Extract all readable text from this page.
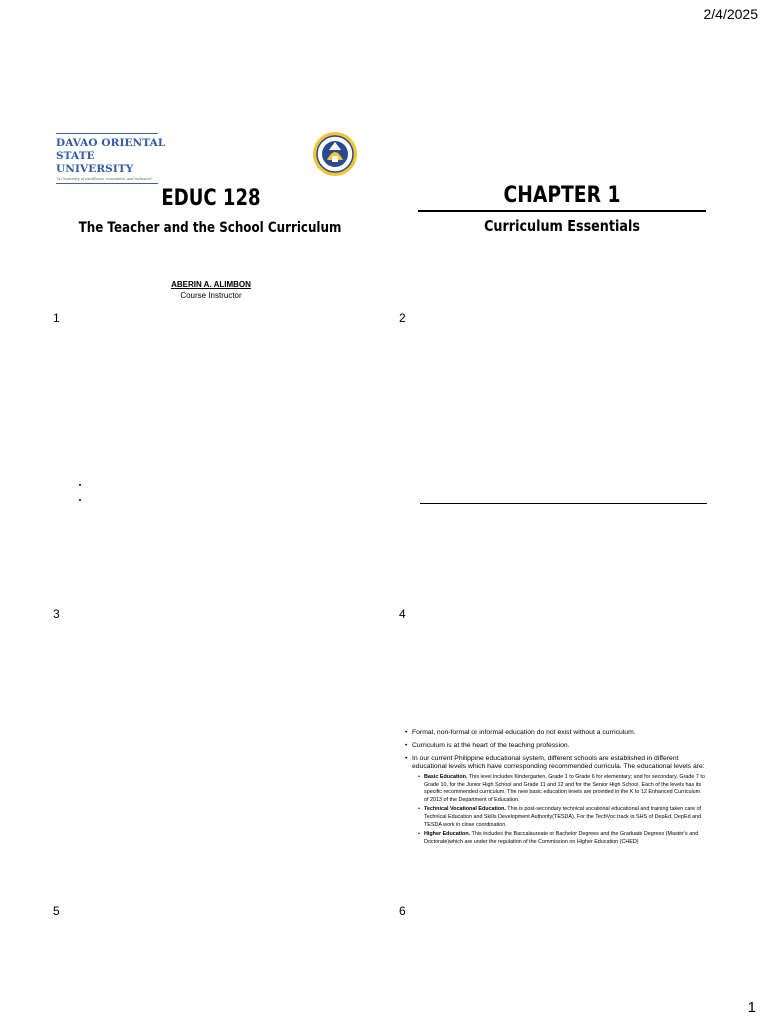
2/4/2025
DAVAO ORIENTAL
STATE UNIVERSITY
"A University of excellence, innovation, and inclusion"
EDUC 128
The Teacher and the School Curriculum
ABERIN A. ALIMBON
Course Instructor
1
CHAPTER 1
Curriculum Essentials
2
3	4
5
• Formal, non-formal or informal education do not exist without a curriculum.
• Curriculum is at the heart of the teaching profession.
• In our current Philippine educational system, different schools are established in different educational levels which have corresponding recommended curricula. The educational levels are:
• Basic Education. This level includes Kindergarten, Grade 1 to Grade 6 for elementary; and for secondary, Grade 7 to Grade 10, for the Junior High School and Grade 11 and 12 and for the Senior High School. Each of the levels has its specific recommended curriculum. The new basic education levels are provided in the K to 12 Enhanced Curriculum of 2013 of the Department of Education.
• Technical Vocational Education. This is post-secondary technical vocational educational and training taken care of Technical Education and Skills Development Authority(TESDA). For the TechVoc track in SHS of DepEd, DepEd and TESDA work in close coordination.
• Higher Education. This includes the Baccalaureate or Bachelor Degrees and the Graduate Degrees (Master's and Doctorate)which are under the regulation of the Commission on Higher Education (CHED)
6
1
